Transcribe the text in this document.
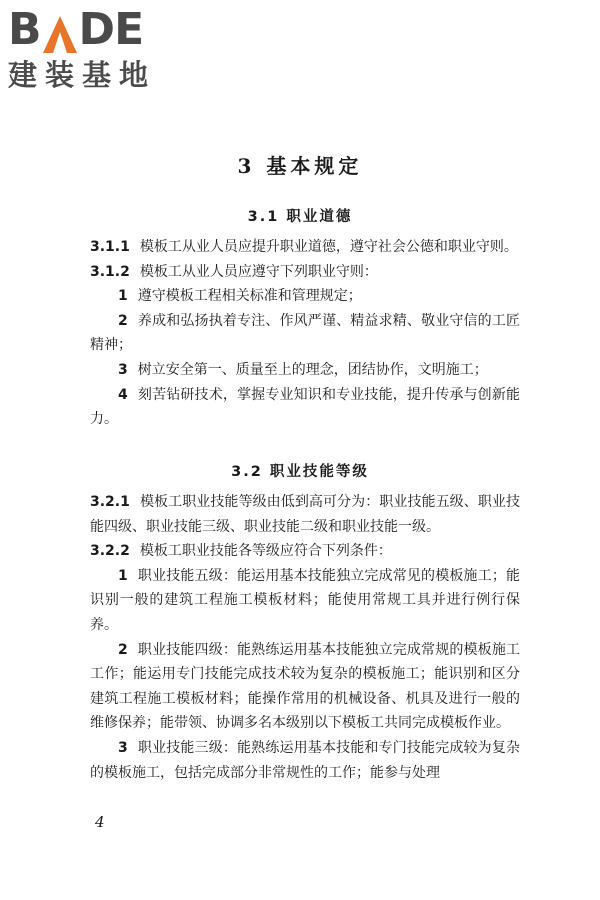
B DE
建装基地
3 基本规定
3.1 职业道德

3.1.1 模板工从业人员应提升职业道德，遵守社会公德和职业守则。

3.1.2 模板工从业人员应遵守下列职业守则：

1 遵守模板工程相关标准和管理规定；

2 养成和弘扬执着专注、作风严谨、精益求精、敬业守信的工匠精神；

3 树立安全第一、质量至上的理念，团结协作，文明施工；

4 刻苦钻研技术，掌握专业知识和专业技能，提升传承与创新能力。

3.2 职业技能等级

3.2.1 模板工职业技能等级由低到高可分为：职业技能五级、职业技能四级、职业技能三级、职业技能二级和职业技能一级。

3.2.2 模板工职业技能各等级应符合下列条件：

1 职业技能五级：能运用基本技能独立完成常见的模板施工；能识别一般的建筑工程施工模板材料；能使用常规工具并进行例行保养。

2 职业技能四级：能熟练运用基本技能独立完成常规的模板施工工作；能运用专门技能完成技术较为复杂的模板施工；能识别和区分建筑工程施工模板材料；能操作常用的机械设备、机具及进行一般的维修保养；能带领、协调多名本级别以下模板工共同完成模板作业。

3 职业技能三级：能熟练运用基本技能和专门技能完成较为复杂的模板施工，包括完成部分非常规性的工作；能参与处理

4
